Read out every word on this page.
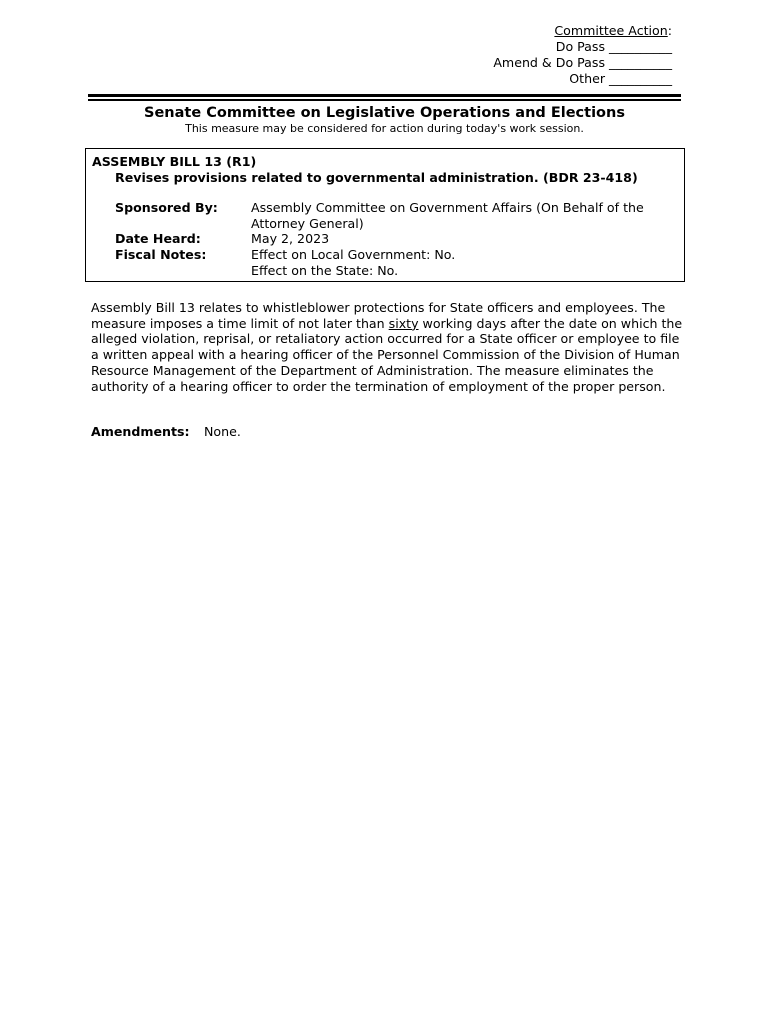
Committee Action:
Do Pass __________
Amend & Do Pass __________
Other __________
Senate Committee on Legislative Operations and Elections
This measure may be considered for action during today's work session.
ASSEMBLY BILL 13 (R1)
Revises provisions related to governmental administration. (BDR 23-418)
Sponsored By:	Assembly Committee on Government Affairs (On Behalf of the
Attorney General)
Date Heard:	May 2, 2023
Fiscal Notes:	Effect on Local Government: No.
Effect on the State: No.
Assembly Bill 13 relates to whistleblower protections for State officers and employees. The measure imposes a time limit of not later than sixty working days after the date on which the alleged violation, reprisal, or retaliatory action occurred for a State officer or employee to file a written appeal with a hearing officer of the Personnel Commission of the Division of Human Resource Management of the Department of Administration. The measure eliminates the authority of a hearing officer to order the termination of employment of the proper person.
Amendments: None.
